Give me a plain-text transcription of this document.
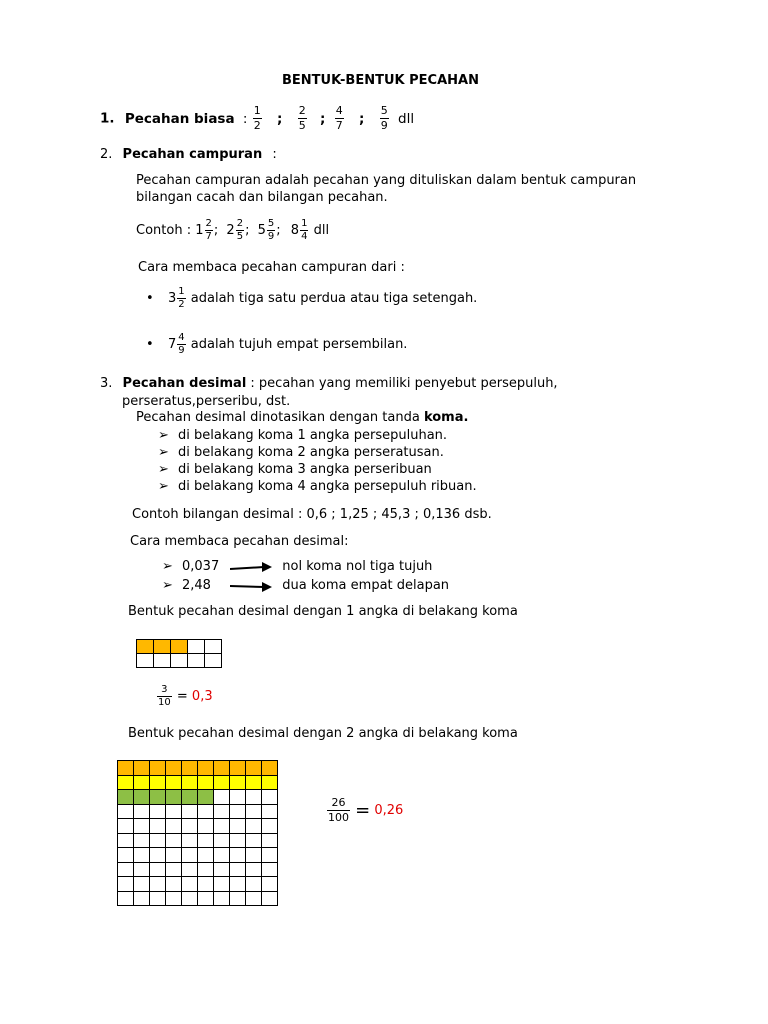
BENTUK-BENTUK PECAHAN
1. Pecahan biasa : $\frac{1}{2}$ ; $\frac{2}{5}$ ; $\frac{4}{7}$ ; $\frac{5}{9}$ dll
2. Pecahan campuran :
Pecahan campuran adalah pecahan yang dituliskan dalam bentuk campuran
bilangan cacah dan bilangan pecahan.
Contoh : $1 \frac{2}{7}$ ; $2 \frac{2}{5}$ ; $5 \frac{5}{9}$ ; $8 \frac{1}{4}$ dll
Cara membaca pecahan campuran dari :
• $3 \frac{1}{2}$ adalah tiga satu perdua atau tiga setengah.
• $7 \frac{4}{9}$ adalah tujuh empat persembilan.
3. Pecahan desimal : pecahan yang memiliki penyebut persepuluh,
perseratus,perseribu, dst.
Pecahan desimal dinotasikan dengan tanda koma.
➢ di belakang koma 1 angka persepuluhan.
➢ di belakang koma 2 angka perseratusan.
➢ di belakang koma 3 angka perseribuan
➢ di belakang koma 4 angka persepuluh ribuan.
Contoh bilangan desimal : 0,6 ; 1,25 ; 45,3 ; 0,136 dsb.
Cara membaca pecahan desimal:
➢ 0,037	nol koma nol tiga tujuh
➢ 2,48	dua koma empat delapan
Bentuk pecahan desimal dengan 1 angka di belakang koma

$\frac{3}{10} = 0,3$
Bentuk pecahan desimal dengan 2 angka di belakang koma

$\frac{26}{100} = 0,26$
